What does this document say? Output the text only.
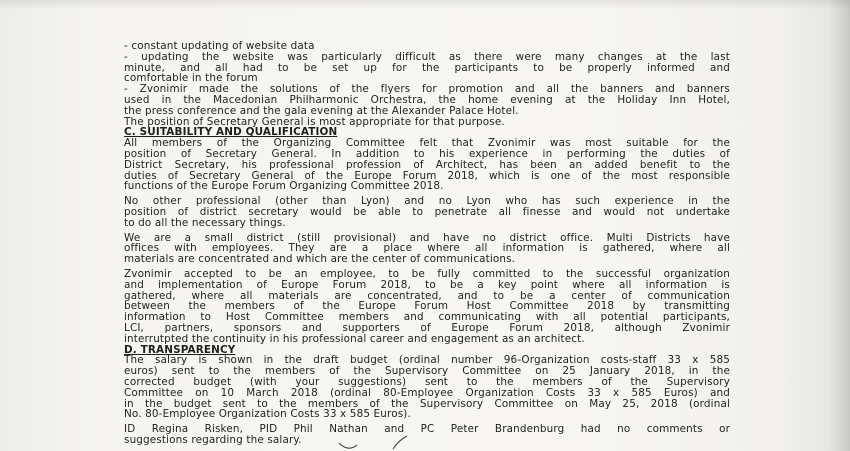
- constant updating of website data
- updating the website was particularly difficult as there were many changes at the last
minute, and all had to be set up for the participants to be properly informed and
comfortable in the forum
- Zvonimir made the solutions of the flyers for promotion and all the banners and banners
used in the Macedonian Philharmonic Orchestra, the home evening at the Holiday Inn Hotel,
the press conference and the gala evening at the Alexander Palace Hotel.
The position of Secretary General is most appropriate for that purpose.
C. SUITABILITY AND QUALIFICATION
All members of the Organizing Committee felt that Zvonimir was most suitable for the
position of Secretary General. In addition to his experience in performing the duties of
District Secretary, his professional profession of Architect, has been an added benefit to the
duties of Secretary General of the Europe Forum 2018, which is one of the most responsible
functions of the Europe Forum Organizing Committee 2018.
No other professional (other than Lyon) and no Lyon who has such experience in the
position of district secretary would be able to penetrate all finesse and would not undertake
to do all the necessary things.
We are a small district (still provisional) and have no district office. Multi Districts have
offices with employees. They are a place where all information is gathered, where all
materials are concentrated and which are the center of communications.
Zvonimir accepted to be an employee, to be fully committed to the successful organization
and implementation of Europe Forum 2018, to be a key point where all information is
gathered, where all materials are concentrated, and to be a center of communication
between the members of the Europe Forum Host Committee 2018 by transmitting
information to Host Committee members and communicating with all potential participants,
LCI, partners, sponsors and supporters of Europe Forum 2018, although Zvonimir
interrutpted the continuity in his professional career and engagement as an architect.
D. TRANSPARENCY
The salary is shown in the draft budget (ordinal number 96-Organization costs-staff 33 x 585
euros) sent to the members of the Supervisory Committee on 25 January 2018, in the
corrected budget (with your suggestions) sent to the members of the Supervisory
Committee on 10 March 2018 (ordinal 80-Employee Organization Costs 33 x 585 Euros) and
in the budget sent to the members of the Supervisory Committee on May 25, 2018 (ordinal
No. 80-Employee Organization Costs 33 x 585 Euros).
ID Regina Risken, PID Phil Nathan and PC Peter Brandenburg had no comments or
suggestions regarding the salary.
